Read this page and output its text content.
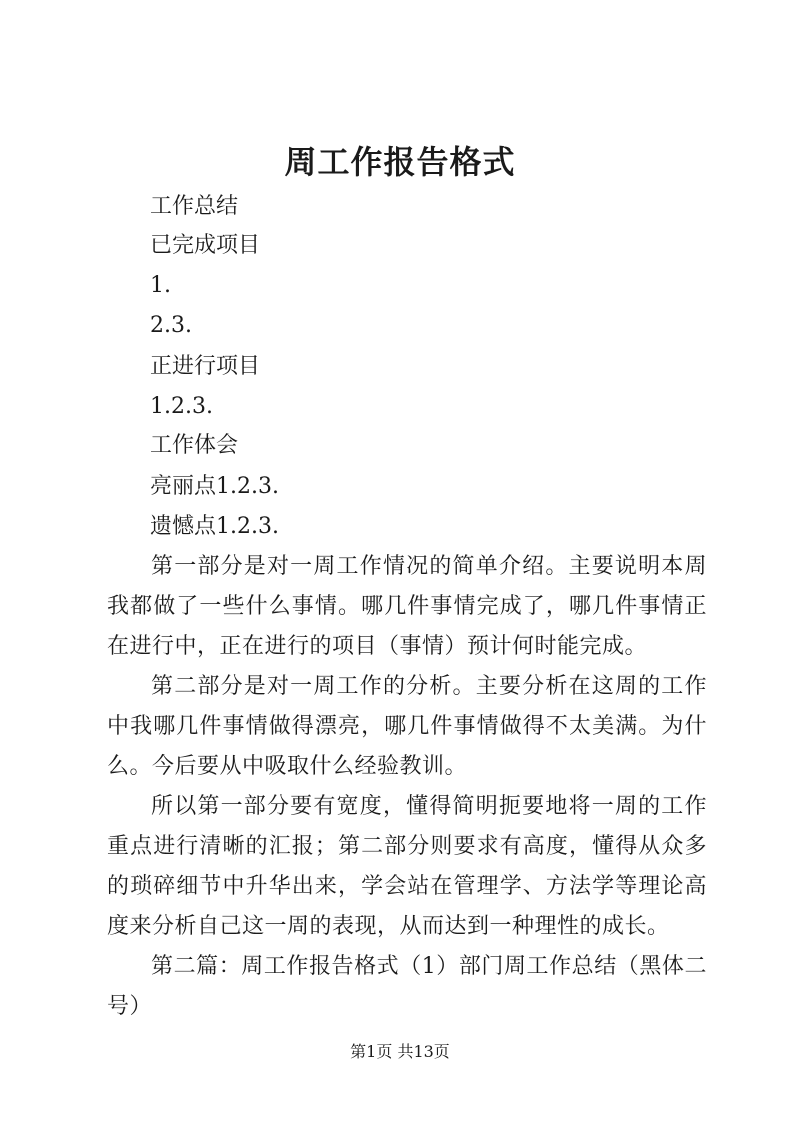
周工作报告格式
工作总结
已完成项目
1.
2.3.
正进行项目
1.2.3.
工作体会
亮丽点1.2.3.
遗憾点1.2.3.
第一部分是对一周工作情况的简单介绍。主要说明本周我都做了一些什么事情。哪几件事情完成了，哪几件事情正在进行中，正在进行的项目（事情）预计何时能完成。
第二部分是对一周工作的分析。主要分析在这周的工作中我哪几件事情做得漂亮，哪几件事情做得不太美满。为什么。今后要从中吸取什么经验教训。
所以第一部分要有宽度，懂得简明扼要地将一周的工作重点进行清晰的汇报；第二部分则要求有高度，懂得从众多的琐碎细节中升华出来，学会站在管理学、方法学等理论高度来分析自己这一周的表现，从而达到一种理性的成长。
第二篇：周工作报告格式（1）部门周工作总结（黑体二号）
第1页 共13页
